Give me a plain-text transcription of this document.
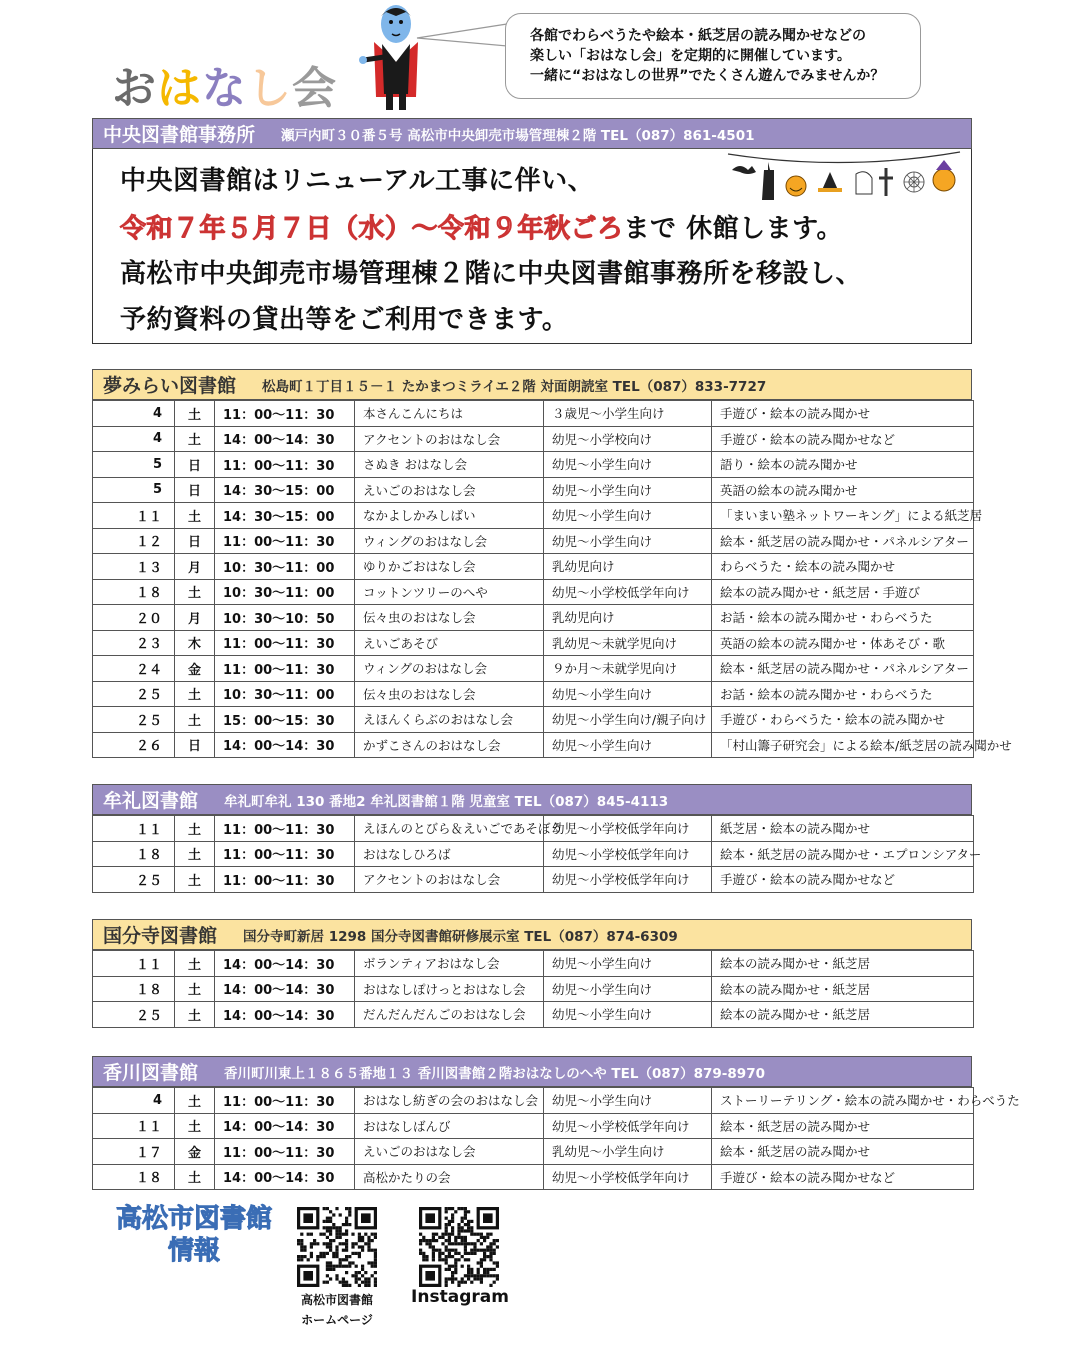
おはなし会
各館でわらべうたや絵本・紙芝居の読み聞かせなどの
楽しい「おはなし会」を定期的に開催しています。
一緒に“おはなしの世界”でたくさん遊んでみませんか？
中央図書館事務所 瀬戸内町３０番５号 高松市中央卸売市場管理棟２階 TEL（087）861-4501
中央図書館はリニューアル工事に伴い、
令和７年５月７日（水）～令和９年秋ごろまで 休館します。
高松市中央卸売市場管理棟２階に中央図書館事務所を移設し、
予約資料の貸出等をご利用できます。
夢みらい図書館 松島町１丁目１５－１ たかまつミライエ２階 対面朗読室 TEL（087）833-7727
4	土	11：00～11：30	本さんこんにちは	３歳児～小学生向け	手遊び・絵本の読み聞かせ
4	土	14：00～14：30	アクセントのおはなし会	幼児～小学校向け	手遊び・絵本の読み聞かせなど
5	日	11：00～11：30	さぬき おはなし会	幼児～小学生向け	語り・絵本の読み聞かせ
5	日	14：30～15：00	えいごのおはなし会	幼児～小学生向け	英語の絵本の読み聞かせ
１１	土	14：30～15：00	なかよしかみしばい	幼児～小学生向け	「まいまい塾ネットワーキング」による紙芝居
１２	日	11：00～11：30	ウィングのおはなし会	幼児～小学生向け	絵本・紙芝居の読み聞かせ・パネルシアター
１３	月	10：30～11：00	ゆりかごおはなし会	乳幼児向け	わらべうた・絵本の読み聞かせ
１８	土	10：30～11：00	コットンツリーのへや	幼児～小学校低学年向け	絵本の読み聞かせ・紙芝居・手遊び
２０	月	10：30～10：50	伝々虫のおはなし会	乳幼児向け	お話・絵本の読み聞かせ・わらべうた
２３	木	11：00～11：30	えいごあそび	乳幼児～未就学児向け	英語の絵本の読み聞かせ・体あそび・歌
２４	金	11：00～11：30	ウィングのおはなし会	９か月～未就学児向け	絵本・紙芝居の読み聞かせ・パネルシアター
２５	土	10：30～11：00	伝々虫のおはなし会	幼児～小学生向け	お話・絵本の読み聞かせ・わらべうた
２５	土	15：00～15：30	えほんくらぶのおはなし会	幼児～小学生向け/親子向け	手遊び・わらべうた・絵本の読み聞かせ
２６	日	14：00～14：30	かずこさんのおはなし会	幼児～小学生向け	「村山籌子研究会」による絵本/紙芝居の読み聞かせ
牟礼図書館 牟礼町牟礼 130 番地2 牟礼図書館１階 児童室 TEL（087）845-4113
１１	土	11：00～11：30	えほんのとびら＆えいごであそぼう	幼児～小学校低学年向け	紙芝居・絵本の読み聞かせ
１８	土	11：00～11：30	おはなしひろば	幼児～小学校低学年向け	絵本・紙芝居の読み聞かせ・エプロンシアター
２５	土	11：00～11：30	アクセントのおはなし会	幼児～小学校低学年向け	手遊び・絵本の読み聞かせなど
国分寺図書館 国分寺町新居 1298 国分寺図書館研修展示室 TEL（087）874-6309
１１	土	14：00～14：30	ボランティアおはなし会	幼児～小学生向け	絵本の読み聞かせ・紙芝居
１８	土	14：00～14：30	おはなしぽけっとおはなし会	幼児～小学生向け	絵本の読み聞かせ・紙芝居
２５	土	14：00～14：30	だんだんだんごのおはなし会	幼児～小学生向け	絵本の読み聞かせ・紙芝居
香川図書館 香川町川東上１８６５番地１３ 香川図書館２階おはなしのへや TEL（087）879-8970
4	土	11：00～11：30	おはなし紡ぎの会のおはなし会	幼児～小学生向け	ストーリーテリング・絵本の読み聞かせ・わらべうた
１１	土	14：00～14：30	おはなしばんび	幼児～小学校低学年向け	絵本・紙芝居の読み聞かせ
１７	金	11：00～11：30	えいごのおはなし会	乳幼児～小学生向け	絵本・紙芝居の読み聞かせ
１８	土	14：00～14：30	高松かたりの会	幼児～小学校低学年向け	手遊び・絵本の読み聞かせなど
高松市図書館
情報
高松市図書館
ホームページ
Instagram
